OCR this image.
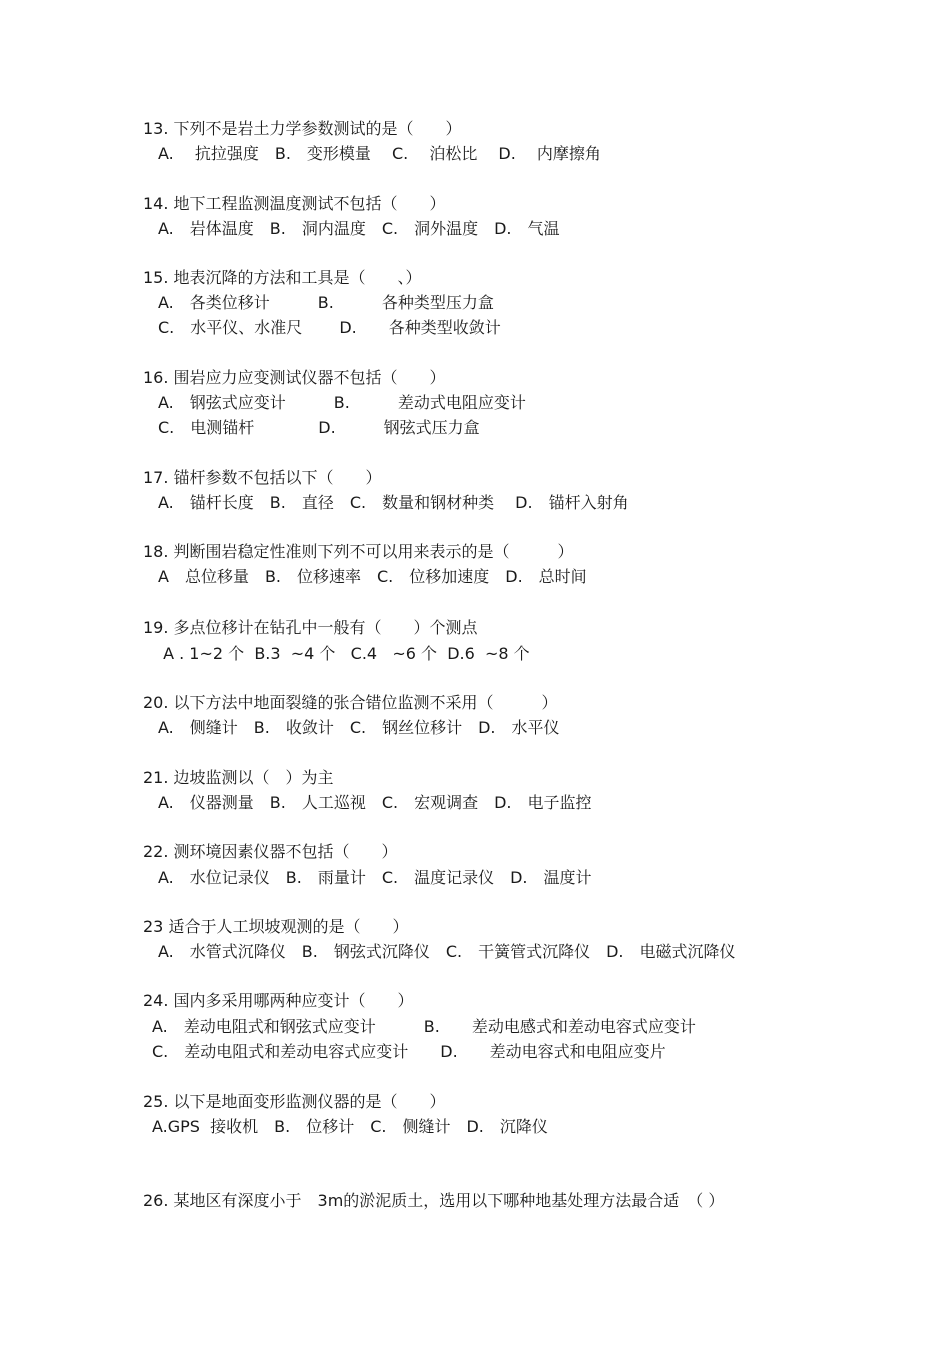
13. 下列不是岩土力学参数测试的是（　　）
A.　 抗拉强度　B.　变形模量　 C.　 泊松比　 D.　 内摩擦角
14. 地下工程监测温度测试不包括（　　）
A.　岩体温度　B.　洞内温度　C.　洞外温度　D.　气温
15. 地表沉降的方法和工具是（　　、）
A.　各类位移计　　　B.　　　各种类型压力盒
C.　水平仪、水准尺　　 D.　　各种类型收敛计
16. 围岩应力应变测试仪器不包括（　　）
A.　钢弦式应变计　　　B.　　　差动式电阻应变计
C.　电测锚杆　　　　D.　　　钢弦式压力盒
17. 锚杆参数不包括以下（　　）
A.　锚杆长度　B.　直径　C.　数量和钢材种类　 D.　锚杆入射角
18. 判断围岩稳定性准则下列不可以用来表示的是（　　　）
A　总位移量　B.　位移速率　C.　位移加速度　D.　总时间
19. 多点位移计在钻孔中一般有（　　）个测点
A . 1~2 个  B.3  ~4 个   C.4   ~6 个  D.6  ~8 个
20. 以下方法中地面裂缝的张合错位监测不采用（　　　）
A.　侧缝计　B.　收敛计　C.　钢丝位移计　D.　水平仪
21. 边坡监测以（　）为主
A.　仪器测量　B.　人工巡视　C.　宏观调查　D.　电子监控
22. 测环境因素仪器不包括（　　）
A.　水位记录仪　B.　雨量计　C.　温度记录仪　D.　温度计
23 适合于人工坝坡观测的是（　　）
A.　水管式沉降仪　B.　钢弦式沉降仪　C.　干簧管式沉降仪　D.　电磁式沉降仪
24. 国内多采用哪两种应变计（　　）
A.　差动电阻式和钢弦式应变计　　　B.　　差动电感式和差动电容式应变计
C.　差动电阻式和差动电容式应变计　　D.　　差动电容式和电阻应变片
25. 以下是地面变形监测仪器的是（　　）
A.GPS  接收机　B.　位移计　C.　侧缝计　D.　沉降仪
26. 某地区有深度小于　3m的淤泥质土，选用以下哪种地基处理方法最合适　（ ）
